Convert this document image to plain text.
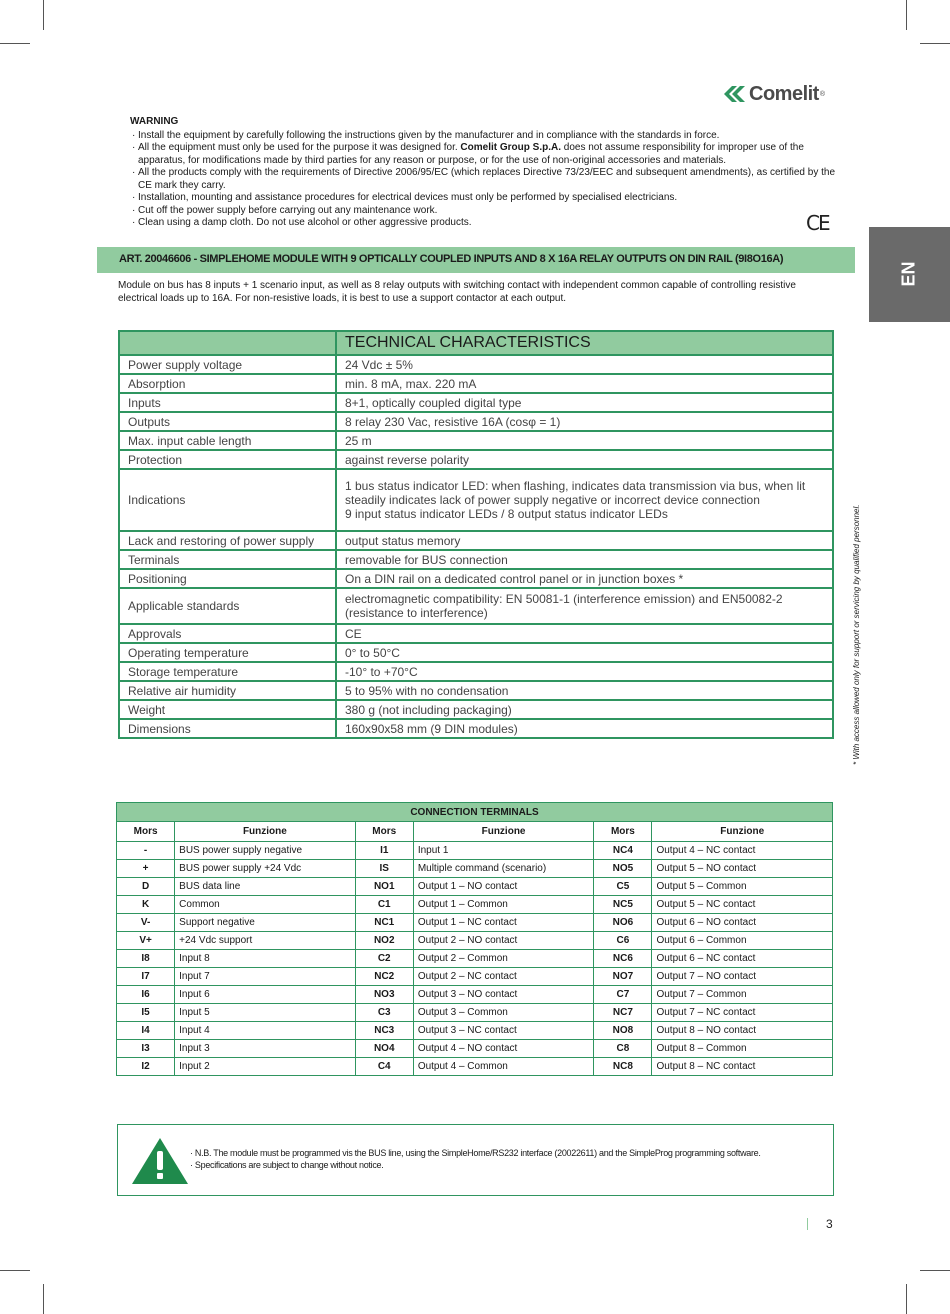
Comelit ®
WARNING
· Install the equipment by carefully following the instructions given by the manufacturer and in compliance with the standards in force.
· All the equipment must only be used for the purpose it was designed for. Comelit Group S.p.A. does not assume responsibility for improper use of the apparatus, for modifications made by third parties for any reason or purpose, or for the use of non-original accessories and materials.
· All the products comply with the requirements of Directive 2006/95/EC (which replaces Directive 73/23/EEC and subsequent amendments), as certified by the CE mark they carry.
· Installation, mounting and assistance procedures for electrical devices must only be performed by specialised electricians.
· Cut off the power supply before carrying out any maintenance work.
· Clean using a damp cloth. Do not use alcohol or other aggressive products.	CE
ART. 20046606 - SIMPLEHOME MODULE WITH 9 OPTICALLY COUPLED INPUTS AND 8 X 16A RELAY OUTPUTS ON DIN RAIL (9I8O16A)
EN
Module on bus has 8 inputs + 1 scenario input, as well as 8 relay outputs with switching contact with independent common capable of controlling resistive electrical loads up to 16A. For non-resistive loads, it is best to use a support contactor at each output.
	TECHNICAL CHARACTERISTICS
Power supply voltage	24 Vdc ± 5%
Absorption	min. 8 mA, max. 220 mA
Inputs	8+1, optically coupled digital type
Outputs	8 relay 230 Vac, resistive 16A (cosφ = 1)
Max. input cable length	25 m
Protection	against reverse polarity
Indications	1 bus status indicator LED: when flashing, indicates data transmission via bus, when lit steadily indicates lack of power supply negative or incorrect device connection
9 input status indicator LEDs / 8 output status indicator LEDs

Lack and restoring of power supply	output status memory
Terminals	removable for BUS connection
Positioning	On a DIN rail on a dedicated control panel or in junction boxes *
Applicable standards	electromagnetic compatibility: EN 50081-1 (interference emission) and EN50082-2 (resistance to interference)
Approvals	CE
Operating temperature	0° to 50°C
Storage temperature	-10° to +70°C
Relative air humidity	5 to 95% with no condensation
Weight	380 g (not including packaging)
Dimensions	160x90x58 mm (9 DIN modules)	* With access allowed only for support or servicing by qualified personnel.
CONNECTION TERMINALS					
Mors	Funzione	Mors	Funzione	Mors	Funzione
-	BUS power supply negative	I1	Input 1	NC4	Output 4 – NC contact
+	BUS power supply +24 Vdc	IS	Multiple command (scenario)	NO5	Output 5 – NO contact
D	BUS data line	NO1	Output 1 – NO contact	C5	Output 5 – Common
K	Common	C1	Output 1 – Common	NC5	Output 5 – NC contact
V-	Support negative	NC1	Output 1 – NC contact	NO6	Output 6 – NO contact
V+	+24 Vdc support	NO2	Output 2 – NO contact	C6	Output 6 – Common
I8	Input 8	C2	Output 2 – Common	NC6	Output 6 – NC contact
I7	Input 7	NC2	Output 2 – NC contact	NO7	Output 7 – NO contact
I6	Input 6	NO3	Output 3 – NO contact	C7	Output 7 – Common
I5	Input 5	C3	Output 3 – Common	NC7	Output 7 – NC contact
I4	Input 4	NC3	Output 3 – NC contact	NO8	Output 8 – NO contact
I3	Input 3	NO4	Output 4 – NO contact	C8	Output 8 – Common
I2	Input 2	C4	Output 4 – Common	NC8	Output 8 – NC contact
· N.B. The module must be programmed vis the BUS line, using the SimpleHome/RS232 interface (20022611) and the SimpleProg programming software.
· Specifications are subject to change without notice.
3
